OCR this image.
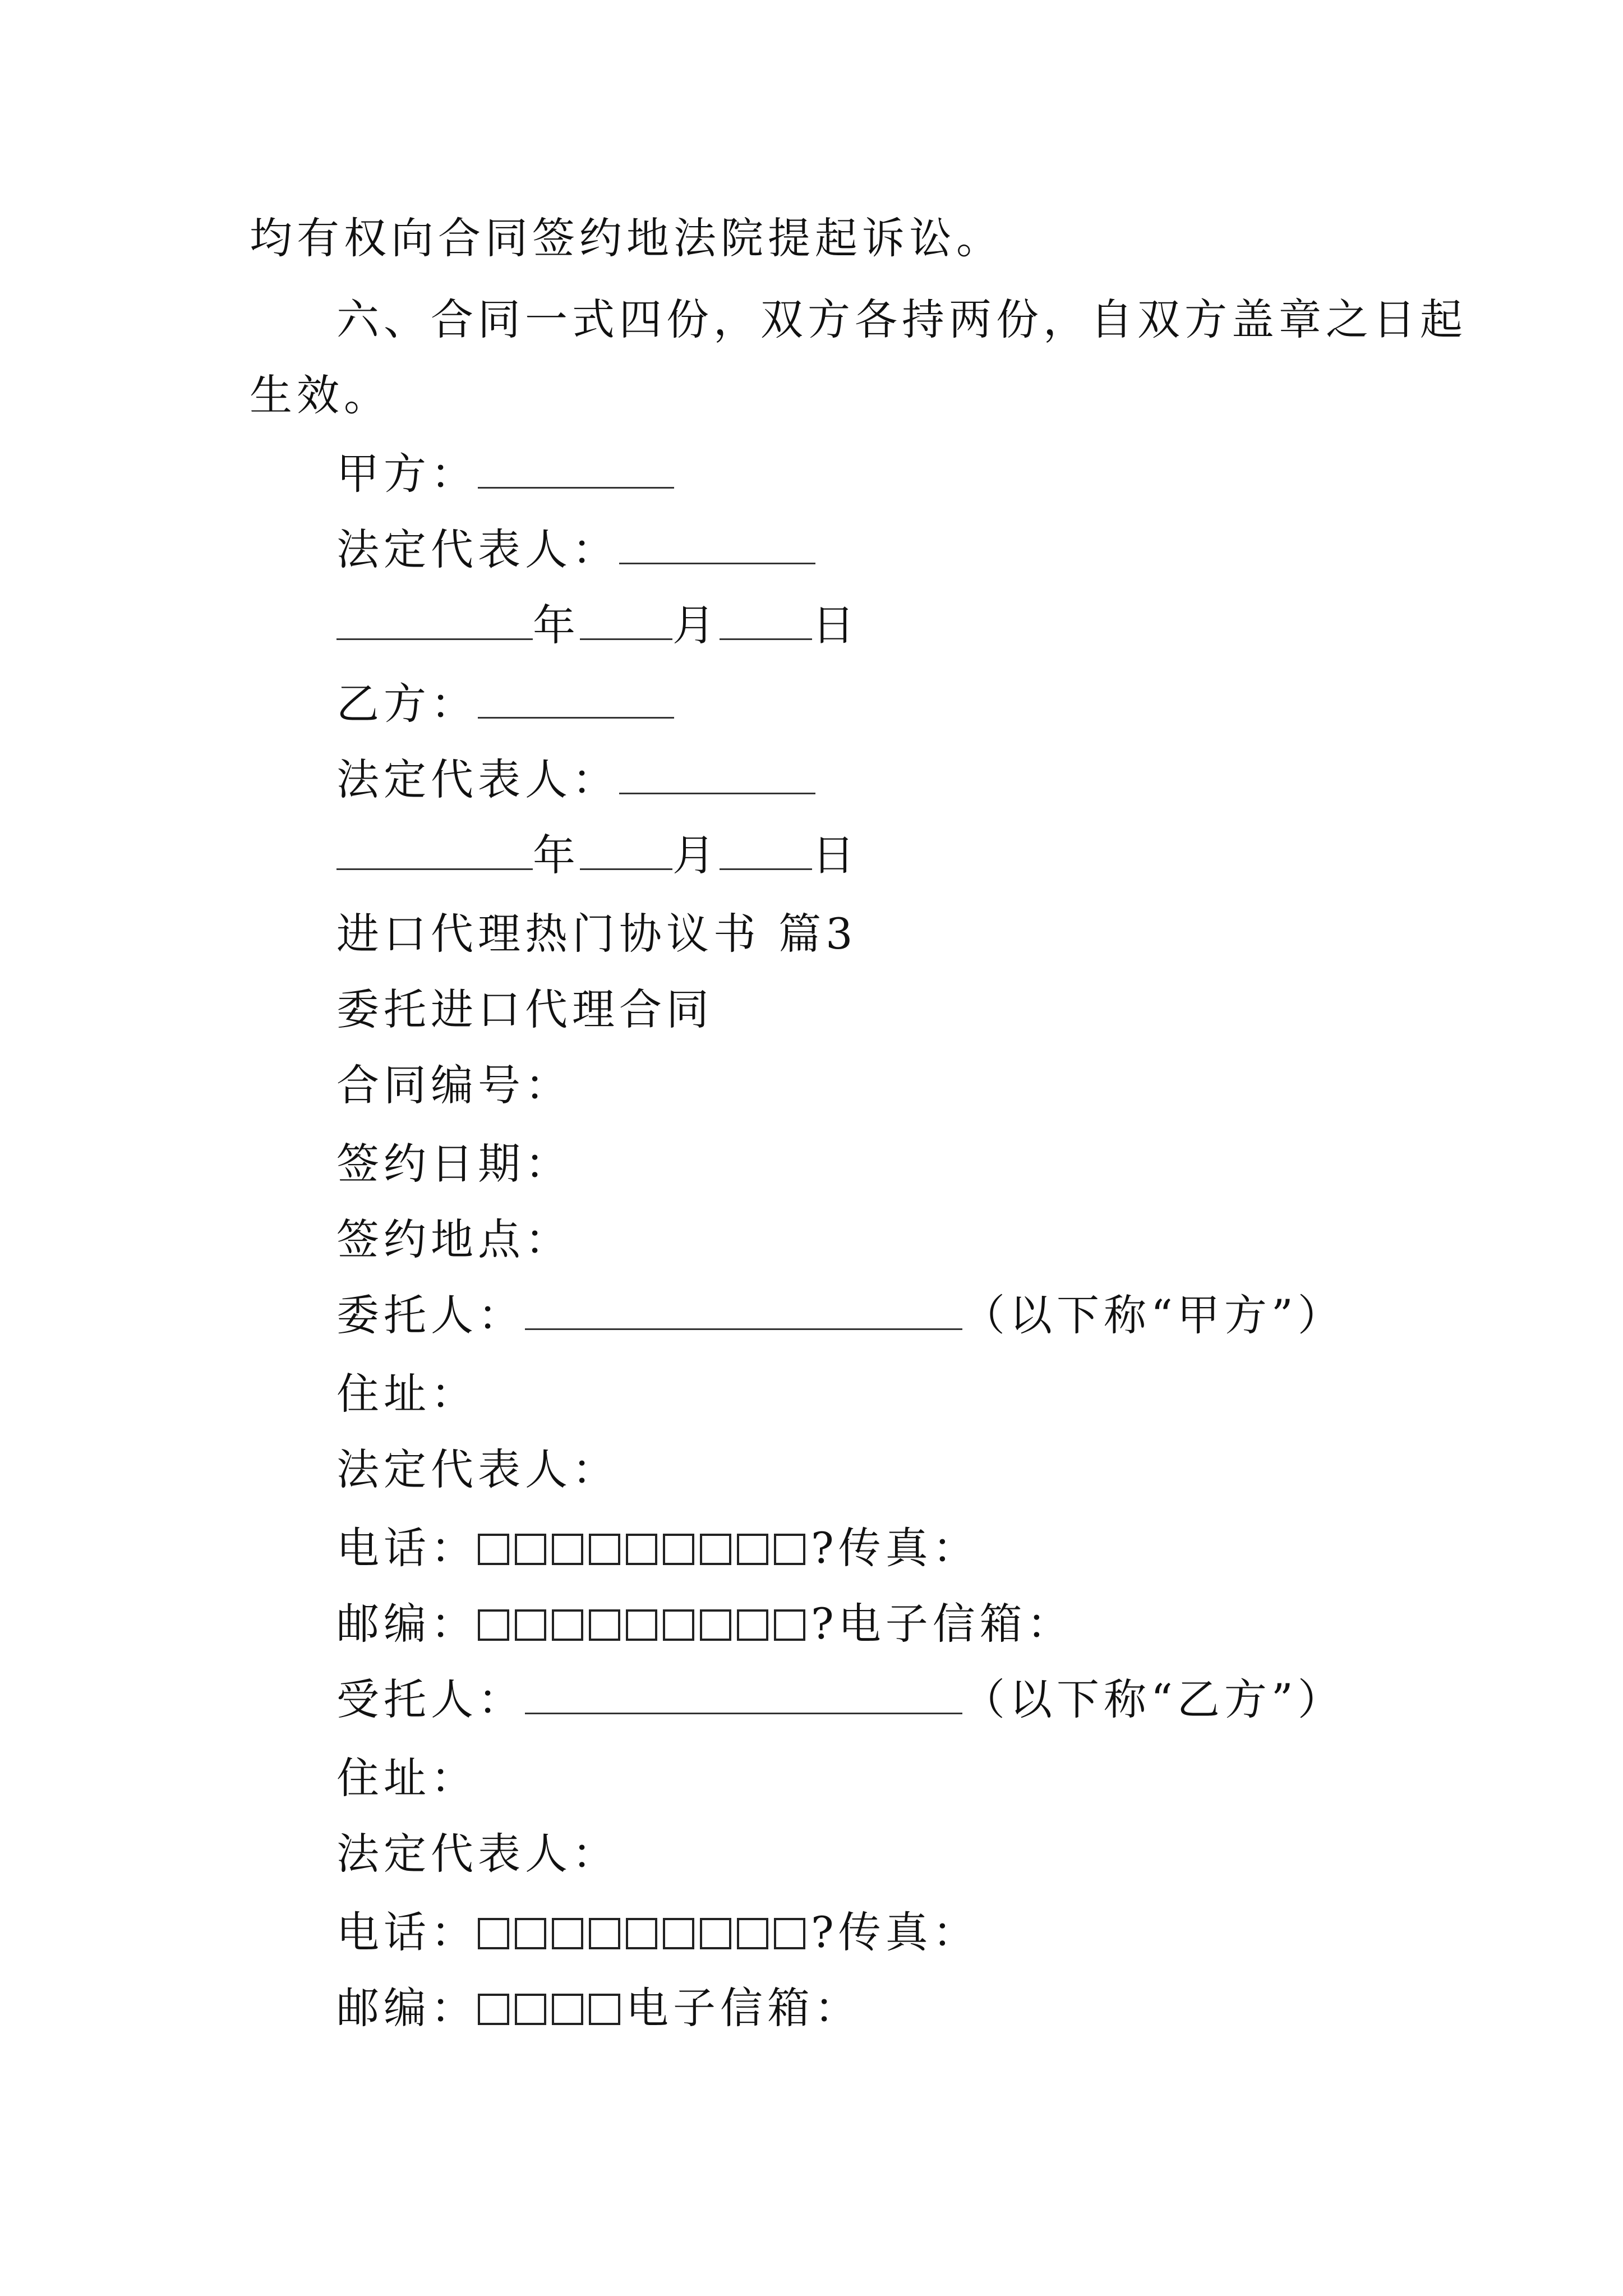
均有权向合同签约地法院提起诉讼。
六、合同一式四份，双方各持两份，自双方盖章之日起
生效。
甲方：
法定代表人：
年 月 日
乙方：
法定代表人：
年 月 日
进口代理热门协议书 篇3
委托进口代理合同
合同编号：
签约日期：
签约地点：
委托人：	（以下称“甲方”）
住址：
法定代表人：
电话：	?传真：
邮编：	?电子信箱：
受托人：	（以下称“乙方”）
住址：
法定代表人：
电话：	?传真：
邮编：	电子信箱：
